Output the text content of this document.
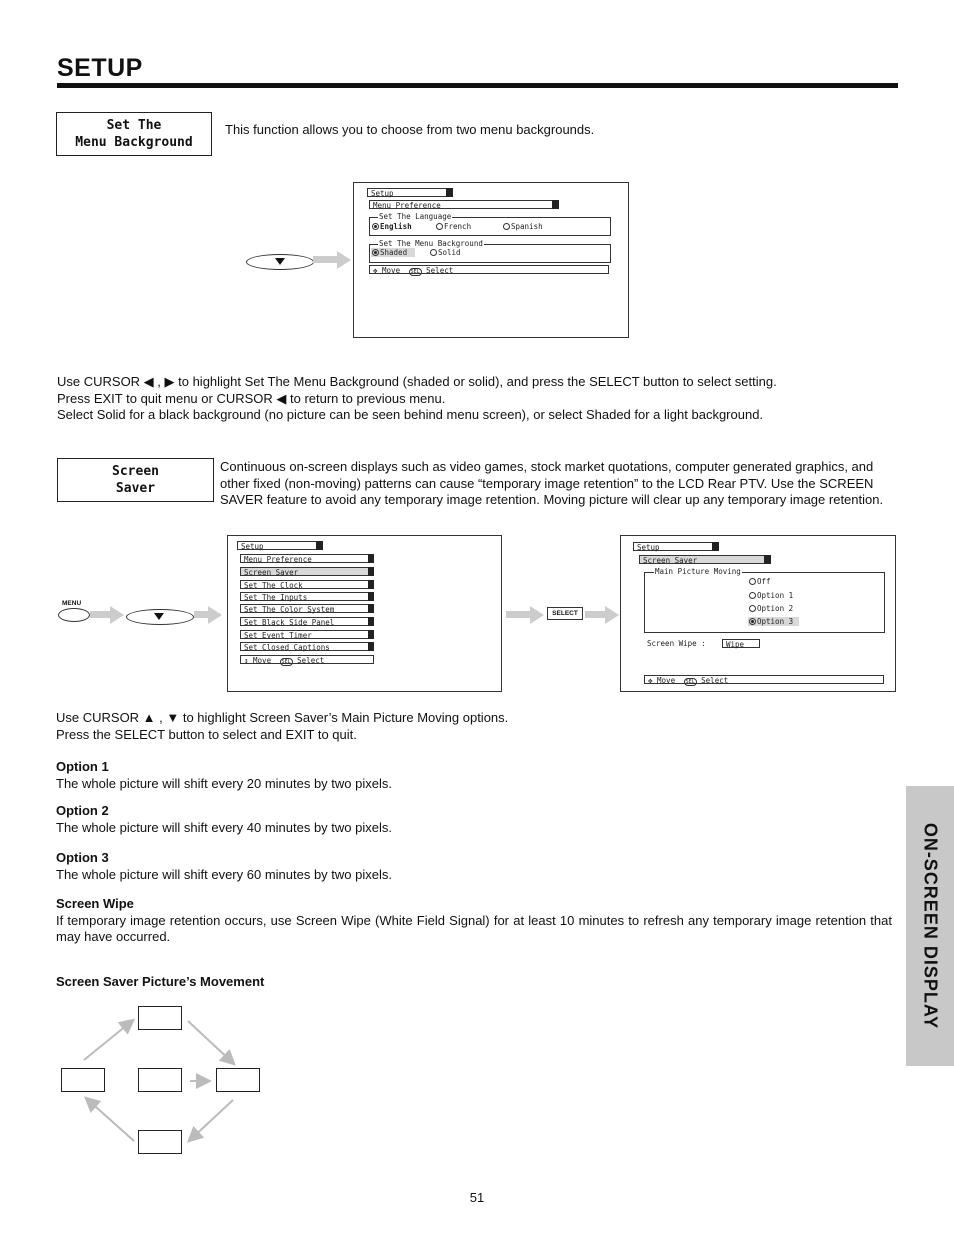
SETUP
Set The
Menu Background
This function allows you to choose from two menu backgrounds.
Setup
Menu Preference
Set The Language
English	French	Spanish
Set The Menu Background
Shaded	Solid
✥ Move SEL Select
Use CURSOR ◀ , ▶ to highlight Set The Menu Background (shaded or solid), and press the SELECT button to select setting.
Press EXIT to quit menu or CURSOR ◀ to return to previous menu.
Select Solid for a black background (no picture can be seen behind menu screen), or select Shaded for a light background.
Screen
Saver
Continuous on-screen displays such as video games, stock market quotations, computer generated graphics, and other fixed (non-moving) patterns can cause “temporary image retention” to the LCD Rear PTV. Use the SCREEN SAVER feature to avoid any temporary image retention. Moving picture will clear up any temporary image retention.
MENU
Setup
Menu Preference
Screen Saver
Set The Clock
Set The Inputs
Set The Color System
Set Black Side Panel
Set Event Timer
Set Closed Captions
↕ Move SEL Select
SELECT
Setup
Screen Saver
Main Picture Moving
Off
Option 1
Option 2
Option 3
Screen Wipe :	Wipe
✥ Move SEL Select
Use CURSOR ▲ , ▼ to highlight Screen Saver’s Main Picture Moving options.
Press the SELECT button to select and EXIT to quit.
Option 1
The whole picture will shift every 20 minutes by two pixels.
Option 2
The whole picture will shift every 40 minutes by two pixels.
Option 3
The whole picture will shift every 60 minutes by two pixels.
Screen Wipe
If temporary image retention occurs, use Screen Wipe (White Field Signal) for at least 10 minutes to refresh any temporary image retention that may have occurred.
Screen Saver Picture’s Movement	ON-SCREEN DISPLAY
51
